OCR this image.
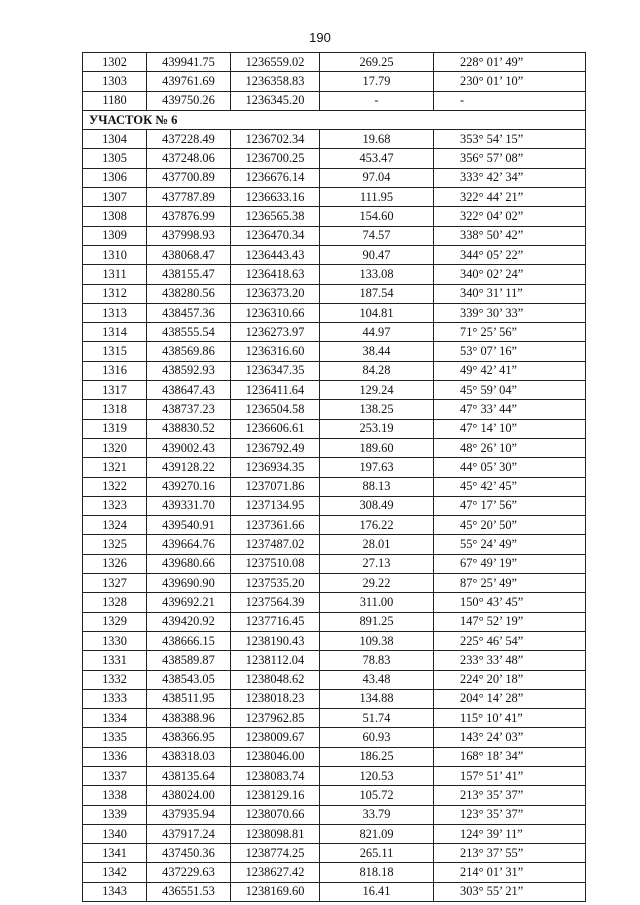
190
1302	439941.75	1236559.02	269.25	228° 01’ 49”
1303	439761.69	1236358.83	17.79	230° 01’ 10”
1180	439750.26	1236345.20	-	-
УЧАСТОК № 6				
1304	437228.49	1236702.34	19.68	353° 54’ 15”
1305	437248.06	1236700.25	453.47	356° 57’ 08”
1306	437700.89	1236676.14	97.04	333° 42’ 34”
1307	437787.89	1236633.16	111.95	322° 44’ 21”
1308	437876.99	1236565.38	154.60	322° 04’ 02”
1309	437998.93	1236470.34	74.57	338° 50’ 42”
1310	438068.47	1236443.43	90.47	344° 05’ 22”
1311	438155.47	1236418.63	133.08	340° 02’ 24”
1312	438280.56	1236373.20	187.54	340° 31’ 11”
1313	438457.36	1236310.66	104.81	339° 30’ 33”
1314	438555.54	1236273.97	44.97	71° 25’ 56”
1315	438569.86	1236316.60	38.44	53° 07’ 16”
1316	438592.93	1236347.35	84.28	49° 42’ 41”
1317	438647.43	1236411.64	129.24	45° 59’ 04”
1318	438737.23	1236504.58	138.25	47° 33’ 44”
1319	438830.52	1236606.61	253.19	47° 14’ 10”
1320	439002.43	1236792.49	189.60	48° 26’ 10”
1321	439128.22	1236934.35	197.63	44° 05’ 30”
1322	439270.16	1237071.86	88.13	45° 42’ 45”
1323	439331.70	1237134.95	308.49	47° 17’ 56”
1324	439540.91	1237361.66	176.22	45° 20’ 50”
1325	439664.76	1237487.02	28.01	55° 24’ 49”
1326	439680.66	1237510.08	27.13	67° 49’ 19”
1327	439690.90	1237535.20	29.22	87° 25’ 49”
1328	439692.21	1237564.39	311.00	150° 43’ 45”
1329	439420.92	1237716.45	891.25	147° 52’ 19”
1330	438666.15	1238190.43	109.38	225° 46’ 54”
1331	438589.87	1238112.04	78.83	233° 33’ 48”
1332	438543.05	1238048.62	43.48	224° 20’ 18”
1333	438511.95	1238018.23	134.88	204° 14’ 28”
1334	438388.96	1237962.85	51.74	115° 10’ 41”
1335	438366.95	1238009.67	60.93	143° 24’ 03”
1336	438318.03	1238046.00	186.25	168° 18’ 34”
1337	438135.64	1238083.74	120.53	157° 51’ 41”
1338	438024.00	1238129.16	105.72	213° 35’ 37”
1339	437935.94	1238070.66	33.79	123° 35’ 37”
1340	437917.24	1238098.81	821.09	124° 39’ 11”
1341	437450.36	1238774.25	265.11	213° 37’ 55”
1342	437229.63	1238627.42	818.18	214° 01’ 31”
1343	436551.53	1238169.60	16.41	303° 55’ 21”
